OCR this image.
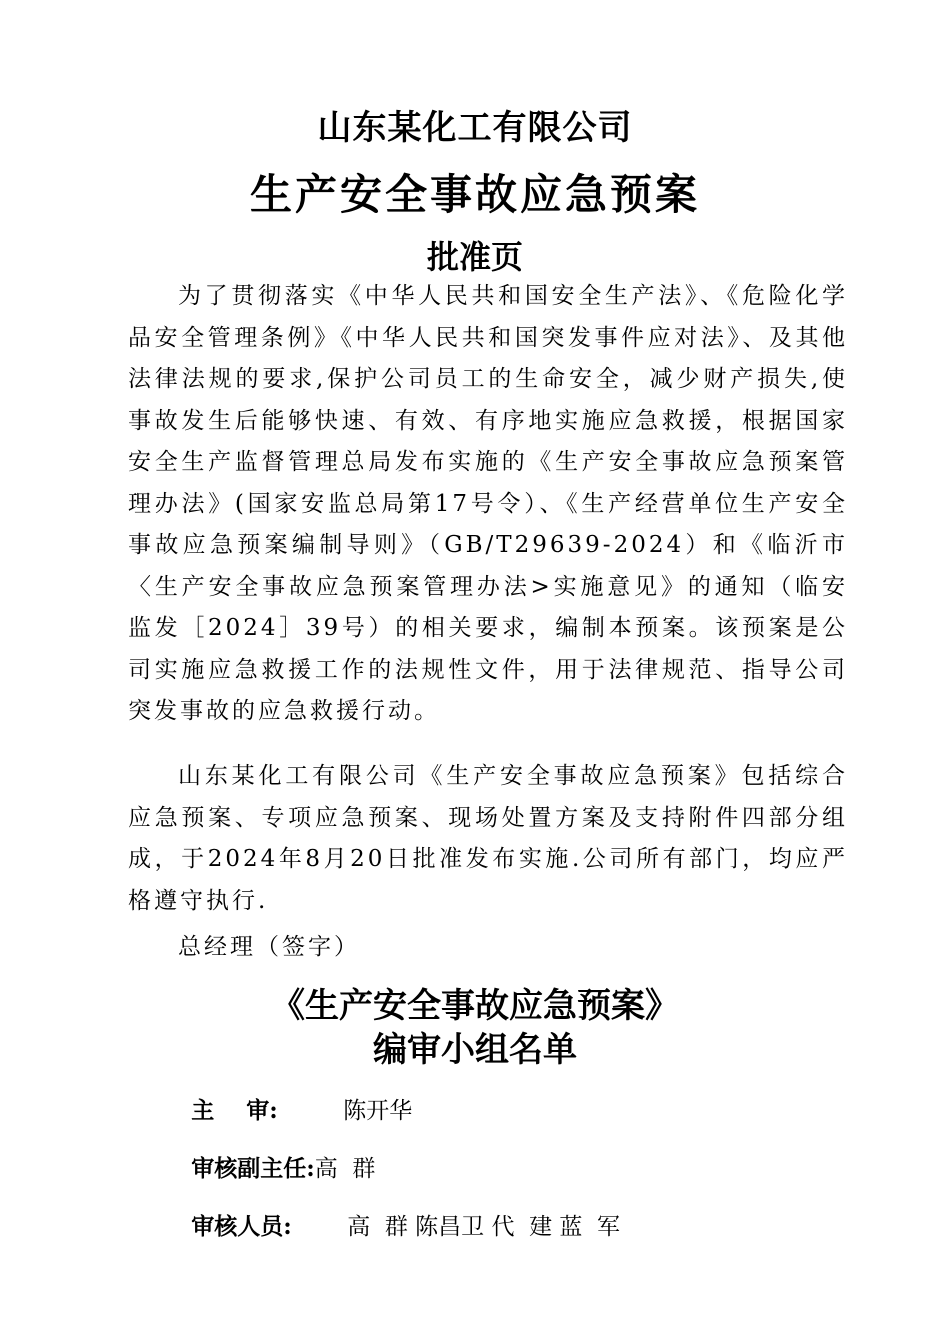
山东某化工有限公司
生产安全事故应急预案
批准页

为了贯彻落实《中华人民共和国安全生产法》、《危险化学品安全管理条例》《中华人民共和国突发事件应对法》、及其他法律法规的要求,保护公司员工的生命安全，减少财产损失,使事故发生后能够快速、有效、有序地实施应急救援，根据国家安全生产监督管理总局发布实施的《生产安全事故应急预案管理办法》(国家安监总局第17号令）、《生产经营单位生产安全事故应急预案编制导则》（GB/T29639-2024）和《临沂市〈生产安全事故应急预案管理办法>实施意见》的通知（临安监发［2024］39号）的相关要求，编制本预案。该预案是公司实施应急救援工作的法规性文件，用于法律规范、指导公司突发事故的应急救援行动。

山东某化工有限公司《生产安全事故应急预案》包括综合应急预案、专项应急预案、现场处置方案及支持附件四部分组成，于2024年8月20日批准发布实施.公司所有部门，均应严格遵守执行.

总经理（签字）
《生产安全事故应急预案》
编审小组名单

主    审:	陈开华

审核副主任:高  群

审核人员: 高  群 陈昌卫 代  建 蓝  军
